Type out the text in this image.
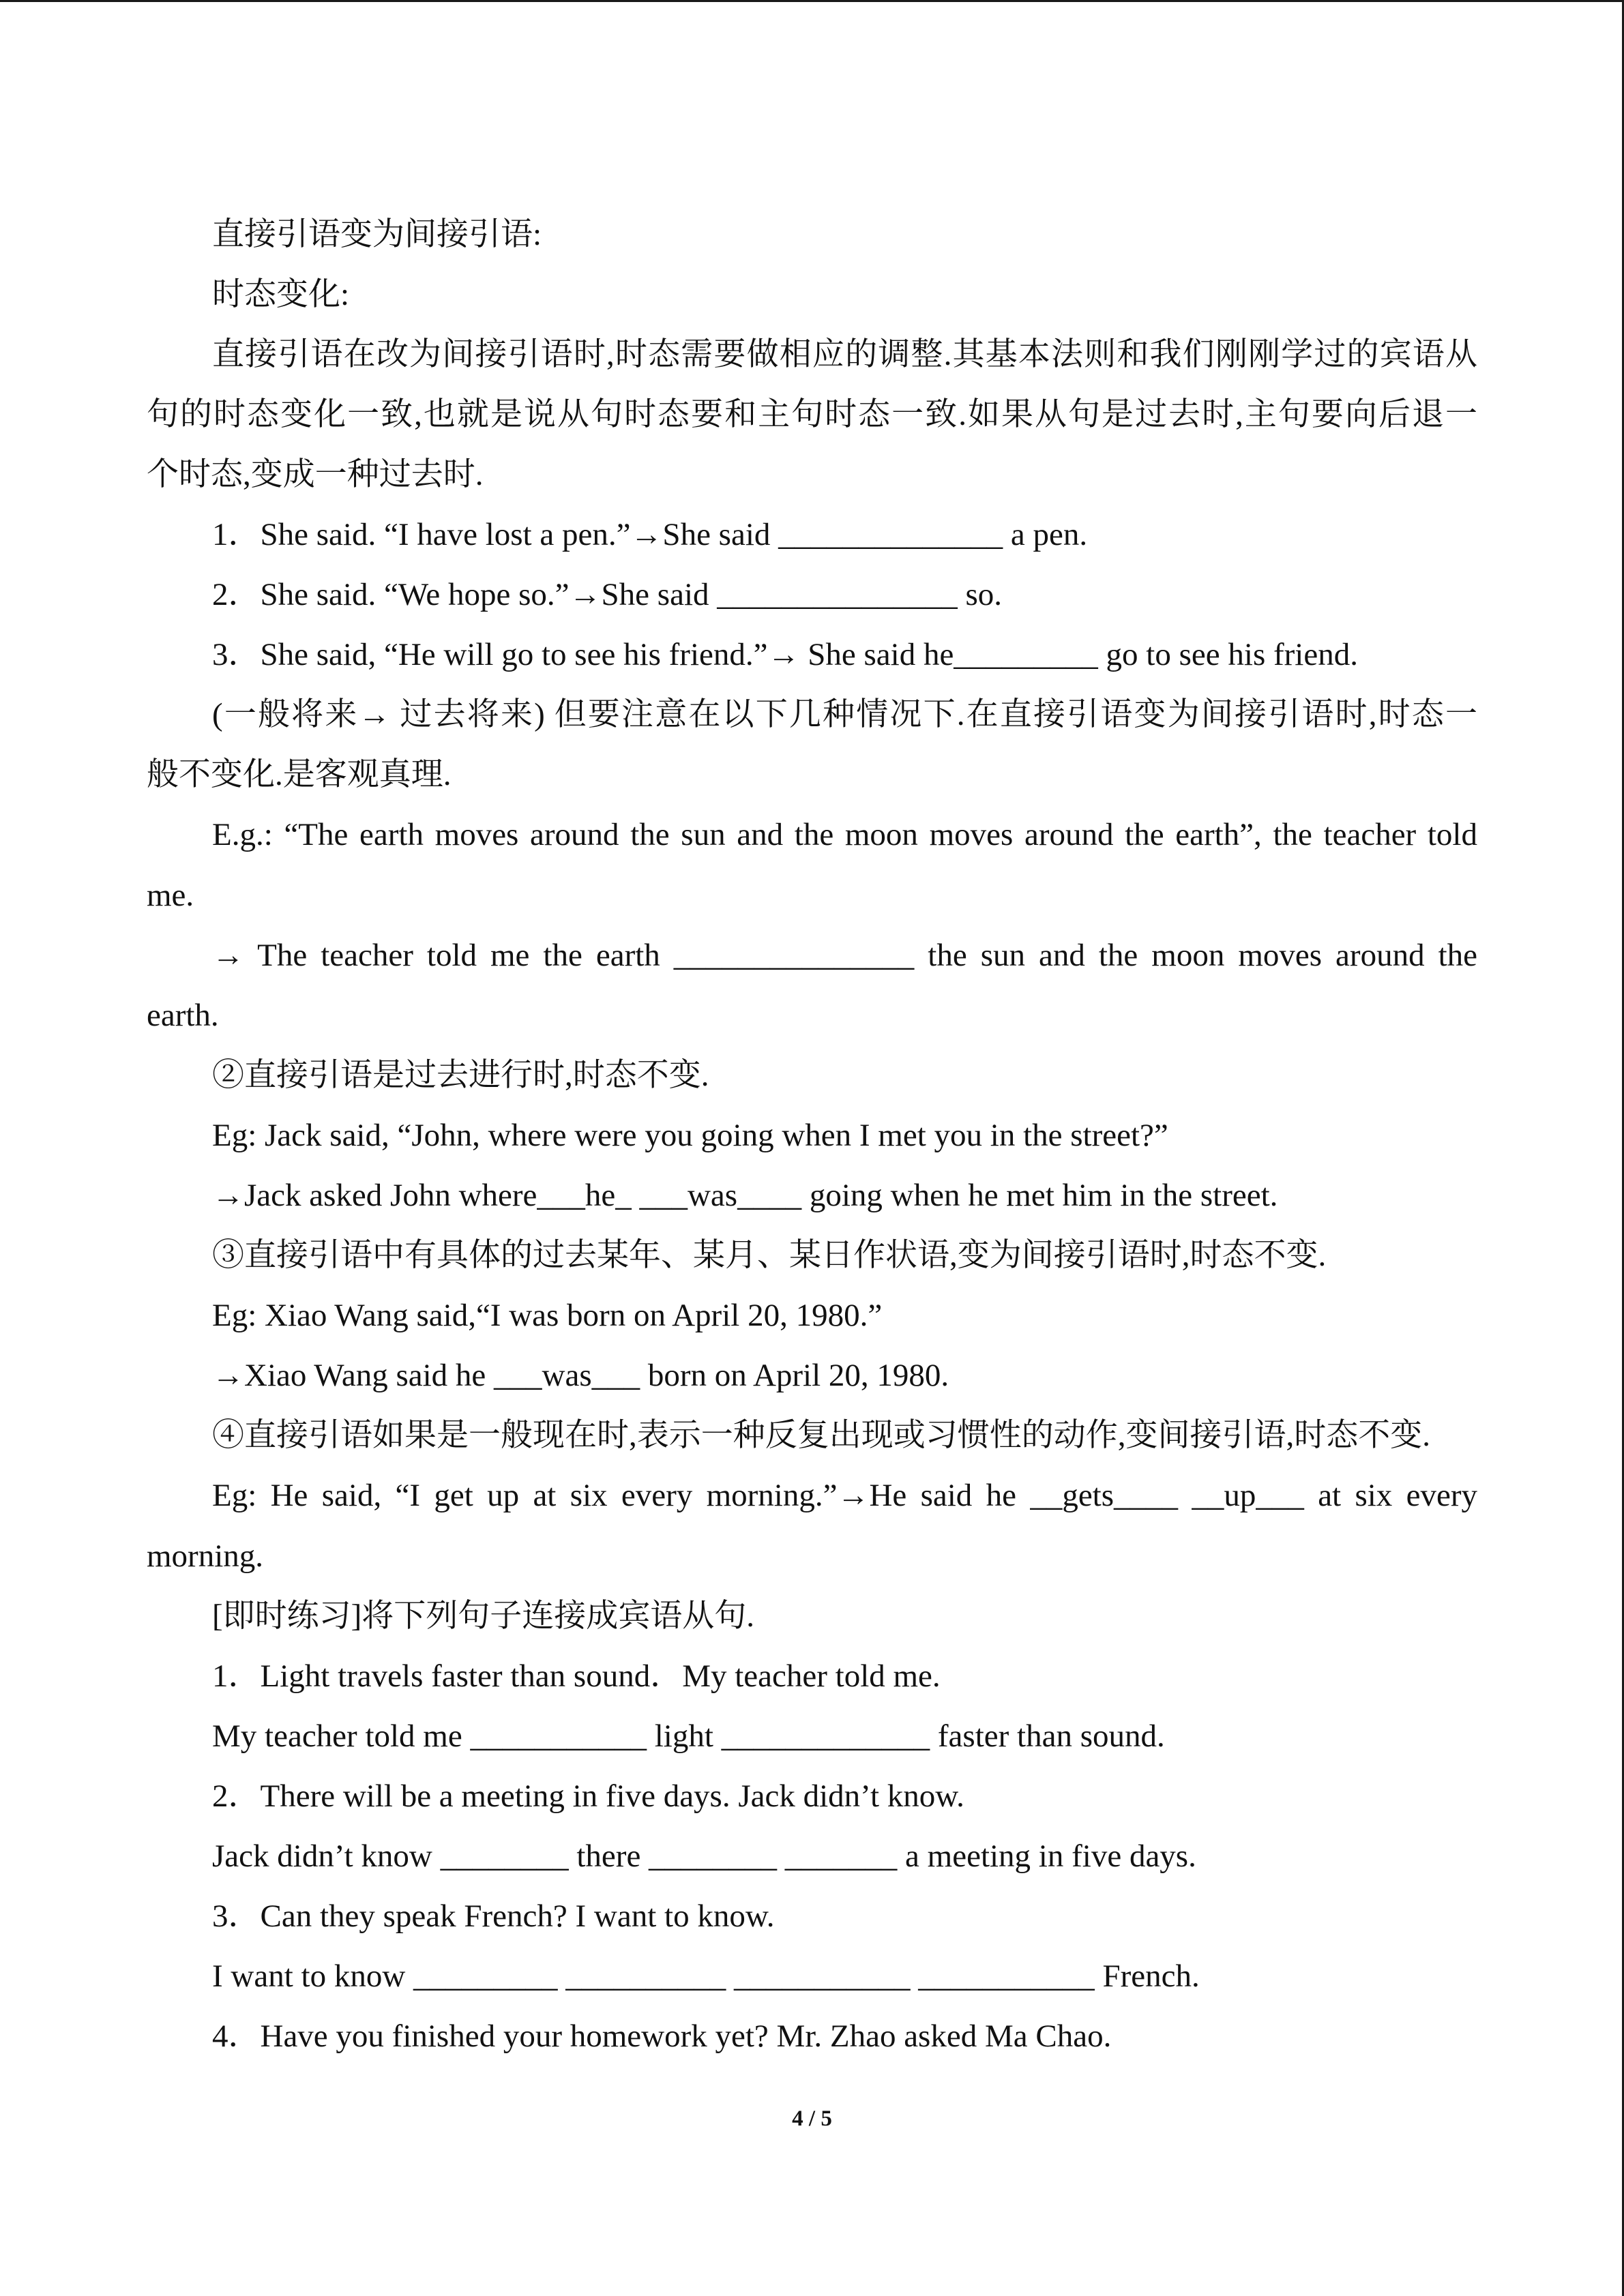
直接引语变为间接引语:
时态变化:
直接引语在改为间接引语时,时态需要做相应的调整.其基本法则和我们刚刚学过的宾语从
句的时态变化一致,也就是说从句时态要和主句时态一致.如果从句是过去时,主句要向后退一
个时态,变成一种过去时.
1．She said. “I have lost a pen.”→She said ______________ a pen.
2．She said. “We hope so.”→She said _______________ so.
3．She said, “He will go to see his friend.”→ She said he_________ go to see his friend.
(一般将来→ 过去将来) 但要注意在以下几种情况下.在直接引语变为间接引语时,时态一
般不变化.是客观真理.
E.g.: “The earth moves around the sun and the moon moves around the earth”, the teacher told
me.
→ The teacher told me the earth _______________ the sun and the moon moves around the
earth.
②直接引语是过去进行时,时态不变.
Eg: Jack said, “John, where were you going when I met you in the street?”
→Jack asked John where___he_ ___was____ going when he met him in the street.
③直接引语中有具体的过去某年、某月、某日作状语,变为间接引语时,时态不变.
Eg: Xiao Wang said,“I was born on April 20, 1980.”
→Xiao Wang said he ___was___ born on April 20, 1980.
④直接引语如果是一般现在时,表示一种反复出现或习惯性的动作,变间接引语,时态不变.
Eg: He said, “I get up at six every morning.”→He said he __gets____ __up___ at six every
morning.
[即时练习]将下列句子连接成宾语从句.
1．Light travels faster than sound．My teacher told me.
My teacher told me ___________ light _____________ faster than sound.
2．There will be a meeting in five days. Jack didn’t know.
Jack didn’t know ________ there ________ _______ a meeting in five days.
3．Can they speak French? I want to know.
I want to know _________ __________ ___________ ___________ French.
4．Have you finished your homework yet? Mr. Zhao asked Ma Chao.
4 / 5
